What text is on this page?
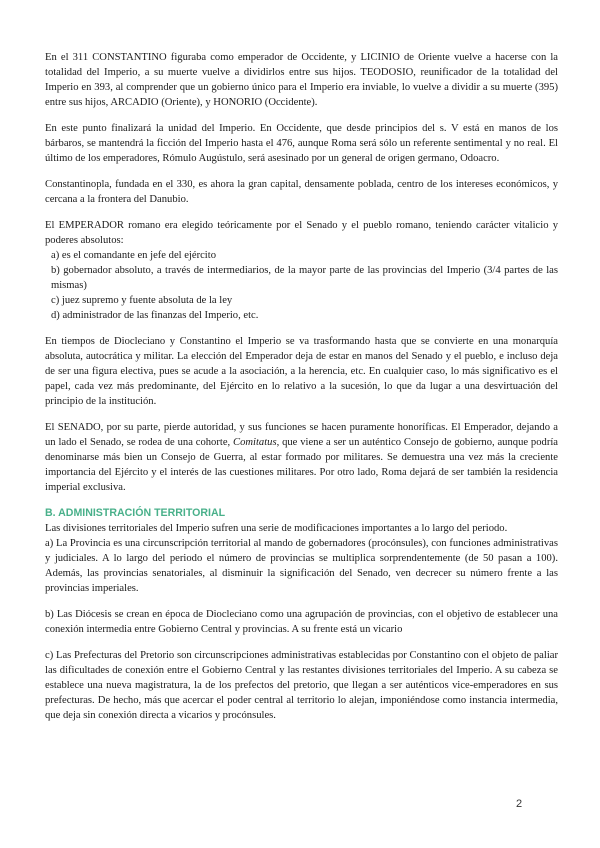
En el 311 CONSTANTINO figuraba como emperador de Occidente, y LICINIO de Oriente vuelve a hacerse con la totalidad del Imperio, a su muerte vuelve a dividirlos entre sus hijos. TEODOSIO, reunificador de la totalidad del Imperio en 393, al comprender que un gobierno único para el Imperio era inviable, lo vuelve a dividir a su muerte (395) entre sus hijos, ARCADIO (Oriente), y HONORIO (Occidente).

En este punto finalizará la unidad del Imperio. En Occidente, que desde principios del s. V está en manos de los bárbaros, se mantendrá la ficción del Imperio hasta el 476, aunque Roma será sólo un referente sentimental y no real. El último de los emperadores, Rómulo Augústulo, será asesinado por un general de origen germano, Odoacro.

Constantinopla, fundada en el 330, es ahora la gran capital, densamente poblada, centro de los intereses económicos, y cercana a la frontera del Danubio.

El EMPERADOR romano era elegido teóricamente por el Senado y el pueblo romano, teniendo carácter vitalicio y poderes absolutos:

a) es el comandante en jefe del ejército
b) gobernador absoluto, a través de intermediarios, de la mayor parte de las provincias del Imperio (3/4 partes de las mismas)
c) juez supremo y fuente absoluta de la ley
d) administrador de las finanzas del Imperio, etc.

En tiempos de Diocleciano y Constantino el Imperio se va trasformando hasta que se convierte en una monarquía absoluta, autocrática y militar. La elección del Emperador deja de estar en manos del Senado y el pueblo, e incluso deja de ser una figura electiva, pues se acude a la asociación, a la herencia, etc. En cualquier caso, lo más significativo es el papel, cada vez más predominante, del Ejército en lo relativo a la sucesión, lo que da lugar a una desvirtuación del principio de la institución.

El SENADO, por su parte, pierde autoridad, y sus funciones se hacen puramente honoríficas. El Emperador, dejando a un lado el Senado, se rodea de una cohorte, Comitatus, que viene a ser un auténtico Consejo de gobierno, aunque podría denominarse más bien un Consejo de Guerra, al estar formado por militares. Se demuestra una vez más la creciente importancia del Ejército y el interés de las cuestiones militares. Por otro lado, Roma dejará de ser también la residencia imperial exclusiva.

B. ADMINISTRACIÓN TERRITORIAL

Las divisiones territoriales del Imperio sufren una serie de modificaciones importantes a lo largo del periodo.

a) La Provincia es una circunscripción territorial al mando de gobernadores (procónsules), con funciones administrativas y judiciales. A lo largo del periodo el número de provincias se multiplica sorprendentemente (de 50 pasan a 100). Además, las provincias senatoriales, al disminuir la significación del Senado, ven decrecer su número frente a las provincias imperiales.

b) Las Diócesis se crean en época de Diocleciano como una agrupación de provincias, con el objetivo de establecer una conexión intermedia entre Gobierno Central y provincias. A su frente está un vicario

c) Las Prefecturas del Pretorio son circunscripciones administrativas establecidas por Constantino con el objeto de paliar las dificultades de conexión entre el Gobierno Central y las restantes divisiones territoriales del Imperio. A su cabeza se establece una nueva magistratura, la de los prefectos del pretorio, que llegan a ser auténticos vice-emperadores en sus prefecturas. De hecho, más que acercar el poder central al territorio lo alejan, imponiéndose como instancia intermedia, que deja sin conexión directa a vicarios y procónsules.

2
